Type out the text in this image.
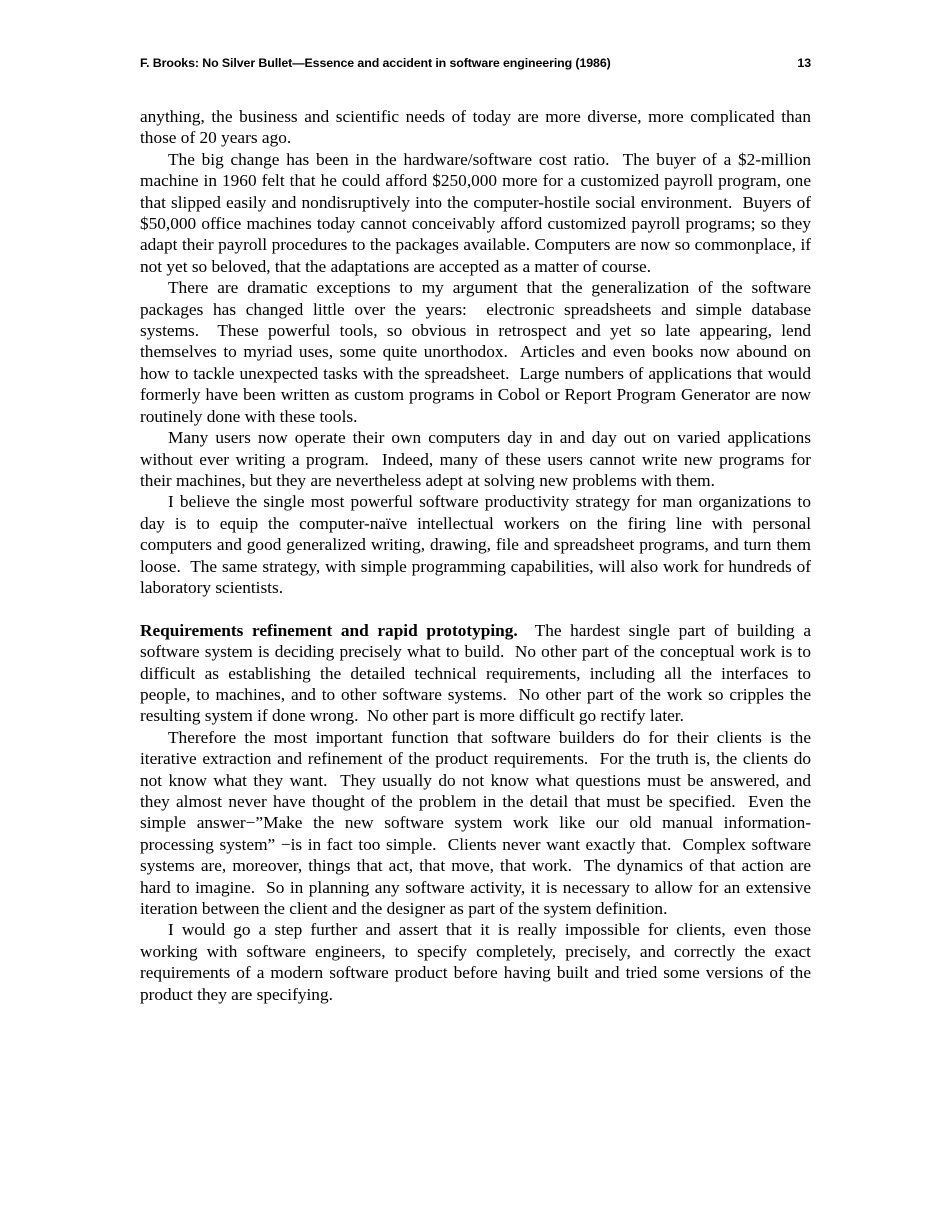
F. Brooks: No Silver Bullet—Essence and accident in software engineering (1986)	13

anything, the business and scientific needs of today are more diverse, more complicated than those of 20 years ago.

The big change has been in the hardware/software cost ratio.  The buyer of a $2-million machine in 1960 felt that he could afford $250,000 more for a customized payroll program, one that slipped easily and nondisruptively into the computer-hostile social environment.  Buyers of $50,000 office machines today cannot conceivably afford customized payroll programs; so they adapt their payroll procedures to the packages available. Computers are now so commonplace, if not yet so beloved, that the adaptations are accepted as a matter of course.

There are dramatic exceptions to my argument that the generalization of the software packages has changed little over the years:  electronic spreadsheets and simple database systems.  These powerful tools, so obvious in retrospect and yet so late appearing, lend themselves to myriad uses, some quite unorthodox.  Articles and even books now abound on how to tackle unexpected tasks with the spreadsheet.  Large numbers of applications that would formerly have been written as custom programs in Cobol or Report Program Generator are now routinely done with these tools.

Many users now operate their own computers day in and day out on varied applications without ever writing a program.  Indeed, many of these users cannot write new programs for their machines, but they are nevertheless adept at solving new problems with them.

I believe the single most powerful software productivity strategy for man organizations to day is to equip the computer-naïve intellectual workers on the firing line with personal computers and good generalized writing, drawing, file and spreadsheet programs, and turn them loose.  The same strategy, with simple programming capabilities, will also work for hundreds of laboratory scientists.

Requirements refinement and rapid prototyping.  The hardest single part of building a software system is deciding precisely what to build.  No other part of the conceptual work is to difficult as establishing the detailed technical requirements, including all the interfaces to people, to machines, and to other software systems.  No other part of the work so cripples the resulting system if done wrong.  No other part is more difficult go rectify later.

Therefore the most important function that software builders do for their clients is the iterative extraction and refinement of the product requirements.  For the truth is, the clients do not know what they want.  They usually do not know what questions must be answered, and they almost never have thought of the problem in the detail that must be specified.  Even the simple answer−”Make the new software system work like our old manual information-processing system” −is in fact too simple.  Clients never want exactly that.  Complex software systems are, moreover, things that act, that move, that work.  The dynamics of that action are hard to imagine.  So in planning any software activity, it is necessary to allow for an extensive iteration between the client and the designer as part of the system definition.

I would go a step further and assert that it is really impossible for clients, even those working with software engineers, to specify completely, precisely, and correctly the exact requirements of a modern software product before having built and tried some versions of the product they are specifying.
